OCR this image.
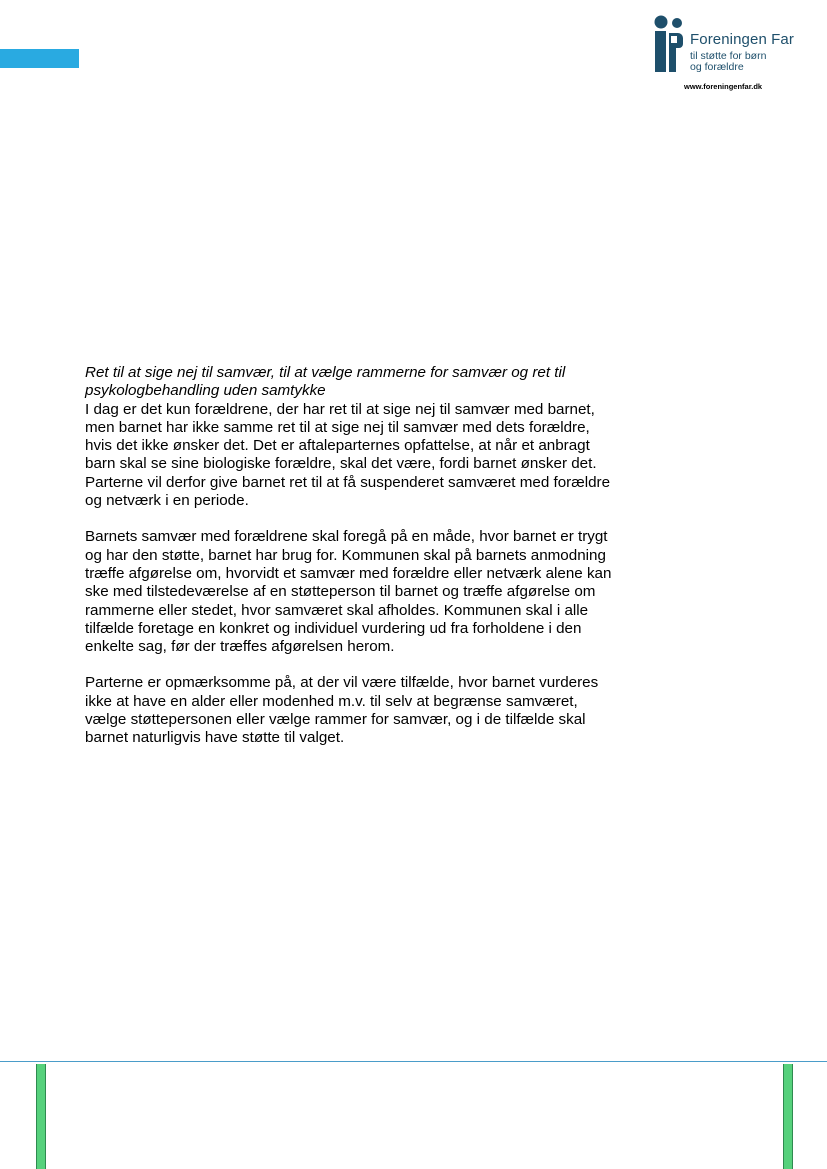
Foreningen Far
til støtte for børn
og forældre
www.foreningenfar.dk
Ret til at sige nej til samvær, til at vælge rammerne for samvær og ret til
psykologbehandling uden samtykke

I dag er det kun forældrene, der har ret til at sige nej til samvær med barnet,
men barnet har ikke samme ret til at sige nej til samvær med dets forældre,
hvis det ikke ønsker det. Det er aftaleparternes opfattelse, at når et anbragt
barn skal se sine biologiske forældre, skal det være, fordi barnet ønsker det.
Parterne vil derfor give barnet ret til at få suspenderet samværet med forældre
og netværk i en periode.

Barnets samvær med forældrene skal foregå på en måde, hvor barnet er trygt
og har den støtte, barnet har brug for. Kommunen skal på barnets anmodning
træffe afgørelse om, hvorvidt et samvær med forældre eller netværk alene kan
ske med tilstedeværelse af en støtteperson til barnet og træffe afgørelse om
rammerne eller stedet, hvor samværet skal afholdes. Kommunen skal i alle
tilfælde foretage en konkret og individuel vurdering ud fra forholdene i den
enkelte sag, før der træffes afgørelsen herom.

Parterne er opmærksomme på, at der vil være tilfælde, hvor barnet vurderes
ikke at have en alder eller modenhed m.v. til selv at begrænse samværet,
vælge støttepersonen eller vælge rammer for samvær, og i de tilfælde skal
barnet naturligvis have støtte til valget.
